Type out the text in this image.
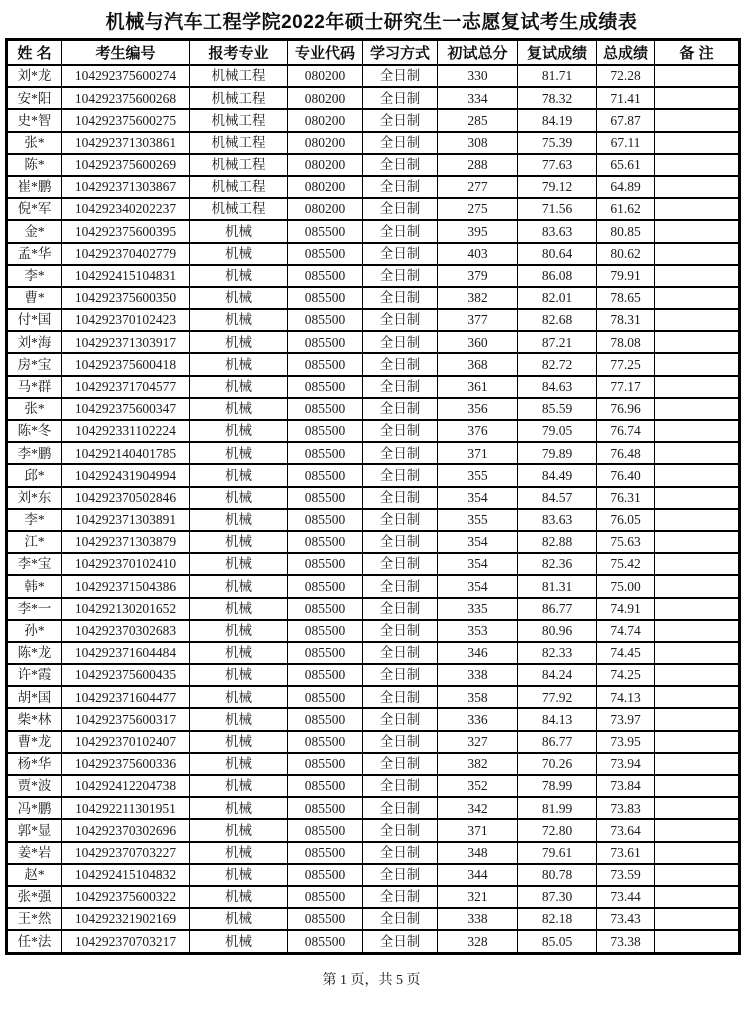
机械与汽车工程学院2022年硕士研究生一志愿复试考生成绩表
姓 名	考生编号	报考专业	专业代码	学习方式	初试总分	复试成绩	总成绩	备 注
刘*龙	104292375600274	机械工程	080200	全日制	330	81.71	72.28	
安*阳	104292375600268	机械工程	080200	全日制	334	78.32	71.41	
史*智	104292375600275	机械工程	080200	全日制	285	84.19	67.87	
张*	104292371303861	机械工程	080200	全日制	308	75.39	67.11	
陈*	104292375600269	机械工程	080200	全日制	288	77.63	65.61	
崔*鹏	104292371303867	机械工程	080200	全日制	277	79.12	64.89	
倪*军	104292340202237	机械工程	080200	全日制	275	71.56	61.62	
金*	104292375600395	机械	085500	全日制	395	83.63	80.85	
孟*华	104292370402779	机械	085500	全日制	403	80.64	80.62	
李*	104292415104831	机械	085500	全日制	379	86.08	79.91	
曹*	104292375600350	机械	085500	全日制	382	82.01	78.65	
付*国	104292370102423	机械	085500	全日制	377	82.68	78.31	
刘*海	104292371303917	机械	085500	全日制	360	87.21	78.08	
房*宝	104292375600418	机械	085500	全日制	368	82.72	77.25	
马*群	104292371704577	机械	085500	全日制	361	84.63	77.17	
张*	104292375600347	机械	085500	全日制	356	85.59	76.96	
陈*冬	104292331102224	机械	085500	全日制	376	79.05	76.74	
李*鹏	104292140401785	机械	085500	全日制	371	79.89	76.48	
邱*	104292431904994	机械	085500	全日制	355	84.49	76.40	
刘*东	104292370502846	机械	085500	全日制	354	84.57	76.31	
李*	104292371303891	机械	085500	全日制	355	83.63	76.05	
江*	104292371303879	机械	085500	全日制	354	82.88	75.63	
李*宝	104292370102410	机械	085500	全日制	354	82.36	75.42	
韩*	104292371504386	机械	085500	全日制	354	81.31	75.00	
李*一	104292130201652	机械	085500	全日制	335	86.77	74.91	
孙*	104292370302683	机械	085500	全日制	353	80.96	74.74	
陈*龙	104292371604484	机械	085500	全日制	346	82.33	74.45	
许*霞	104292375600435	机械	085500	全日制	338	84.24	74.25	
胡*国	104292371604477	机械	085500	全日制	358	77.92	74.13	
柴*林	104292375600317	机械	085500	全日制	336	84.13	73.97	
曹*龙	104292370102407	机械	085500	全日制	327	86.77	73.95	
杨*华	104292375600336	机械	085500	全日制	382	70.26	73.94	
贾*波	104292412204738	机械	085500	全日制	352	78.99	73.84	
冯*鹏	104292211301951	机械	085500	全日制	342	81.99	73.83	
郭*显	104292370302696	机械	085500	全日制	371	72.80	73.64	
姜*岩	104292370703227	机械	085500	全日制	348	79.61	73.61	
赵*	104292415104832	机械	085500	全日制	344	80.78	73.59	
张*强	104292375600322	机械	085500	全日制	321	87.30	73.44	
王*然	104292321902169	机械	085500	全日制	338	82.18	73.43	
任*法	104292370703217	机械	085500	全日制	328	85.05	73.38	
第 1 页，共 5 页
